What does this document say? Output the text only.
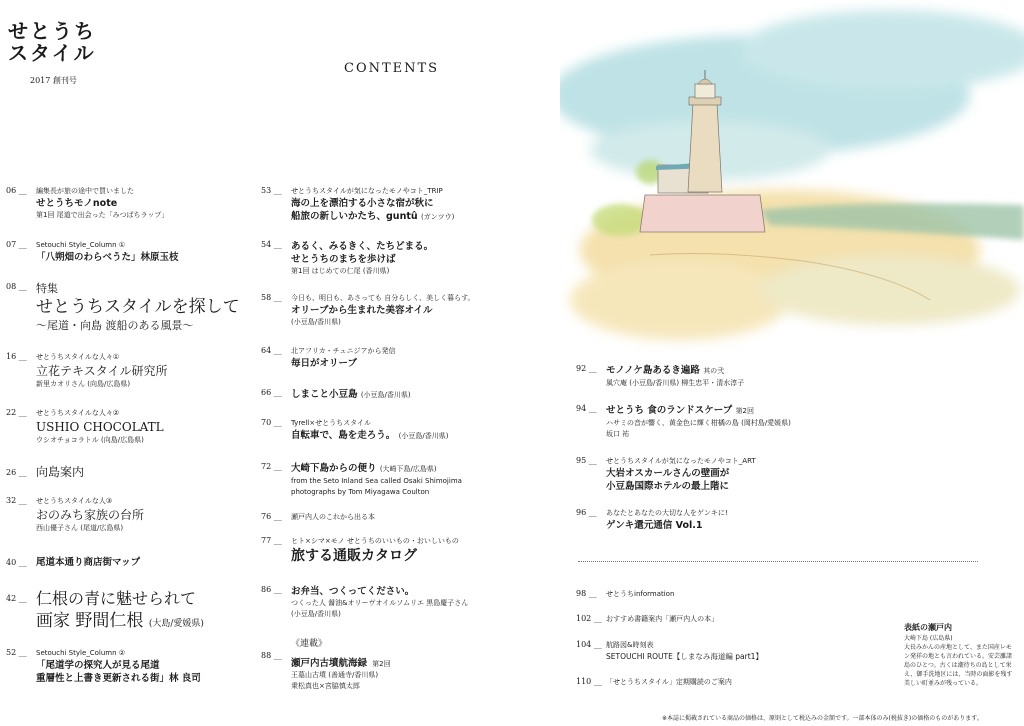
せとうち
スタイル
2017 創刊号
CONTENTS
06 __	編集長が旅の途中で買いました
せとうちモノnote
第1回 尾道で出会った「みつばちラップ」
07 __	Setouchi Style_Column ①
「八朔畑のわらべうた」林原玉枝
08 __	特集
せとうちスタイルを探して
〜尾道・向島 渡船のある風景〜
16 __	せとうちスタイルな人々①
立花テキスタイル研究所
新里カオリさん (向島/広島県)
22 __	せとうちスタイルな人々②
USHIO CHOCOLATL
ウシオチョコラトル (向島/広島県)
26 __	向島案内
32 __	せとうちスタイルな人③
おのみち家族の台所
西山優子さん (尾道/広島県)
40 __	尾道本通り商店街マップ
42 __	仁根の青に魅せられて
画家 野間仁根 (大島/愛媛県)
52 __	Setouchi Style_Column ②
「尾道学の探究人が見る尾道
重層性と上書き更新される街」林 良司
53 __	せとうちスタイルが気になったモノやコト_TRIP
海の上を漂泊する小さな宿が秋に
船旅の新しいかたち、guntû (ガンツウ)
54 __	あるく、みるきく、たちどまる。
せとうちのまちを歩けば
第1回 はじめての仁尾 (香川県)
58 __	今日も、明日も、あさっても 自分らしく、美しく暮らす。
オリーブから生まれた美容オイル
(小豆島/香川県)
64 __	北アフリカ・チュニジアから発信
毎日がオリーブ
66 __	しまこと小豆島 (小豆島/香川県)
70 __	Tyrell×せとうちスタイル
自転車で、島を走ろう。 (小豆島/香川県)
72 __	大崎下島からの便り (大崎下島/広島県)
from the Seto Inland Sea called Osaki Shimojima
photographs by Tom Miyagawa Coulton
76 __	瀬戸内人のこれから出る本
77 __	ヒト×シマ×モノ せとうちのいいもの・おいしいもの
旅する通販カタログ
86 __	お弁当、つくってください。
つくった人 醤油&オリーヴオイルソムリエ 黒島慶子さん
(小豆島/香川県)
《連載》
88 __
瀬戸内古墳航海録 第2回
王墓山古墳 (善通寺/香川県)
乗松真也×宮脇慎太郎
92 __	モノノケ島あるき遍路 其の弐
風穴庵 (小豆島/香川県) 柳生忠平・清水淳子
94 __	せとうち 食のランドスケープ 第2回
ハサミの音が響く、黄金色に輝く柑橘の島 (岡村島/愛媛県)
坂口 祐
95 __	せとうちスタイルが気になったモノやコト_ART
大岩オスカールさんの壁画が
小豆島国際ホテルの最上階に
96 __	あなたとあなたの大切な人をゲンキに!
ゲンキ還元通信 Vol.1
98 __	せとうちinformation
102 __	おすすめ書籍案内「瀬戸内人の本」
104 __	航路図&時刻表
SETOUCHI ROUTE【しまなみ海道編 part1】
110 __	「せとうちスタイル」定期購読のご案内
表紙の瀬戸内
大崎下島 (広島県)
大長みかんの産地として、また国産レモン発祥の地とも言われている。安芸灘諸島のひとつ。古くは潮待ちの島として栄え、御手洗地区には、当時の面影を残す美しい町並みが残っている。
※本誌に掲載されている商品の価格は、原則として税込みの金額です。一部本体のみ(税抜き)の価格のものがあります。
